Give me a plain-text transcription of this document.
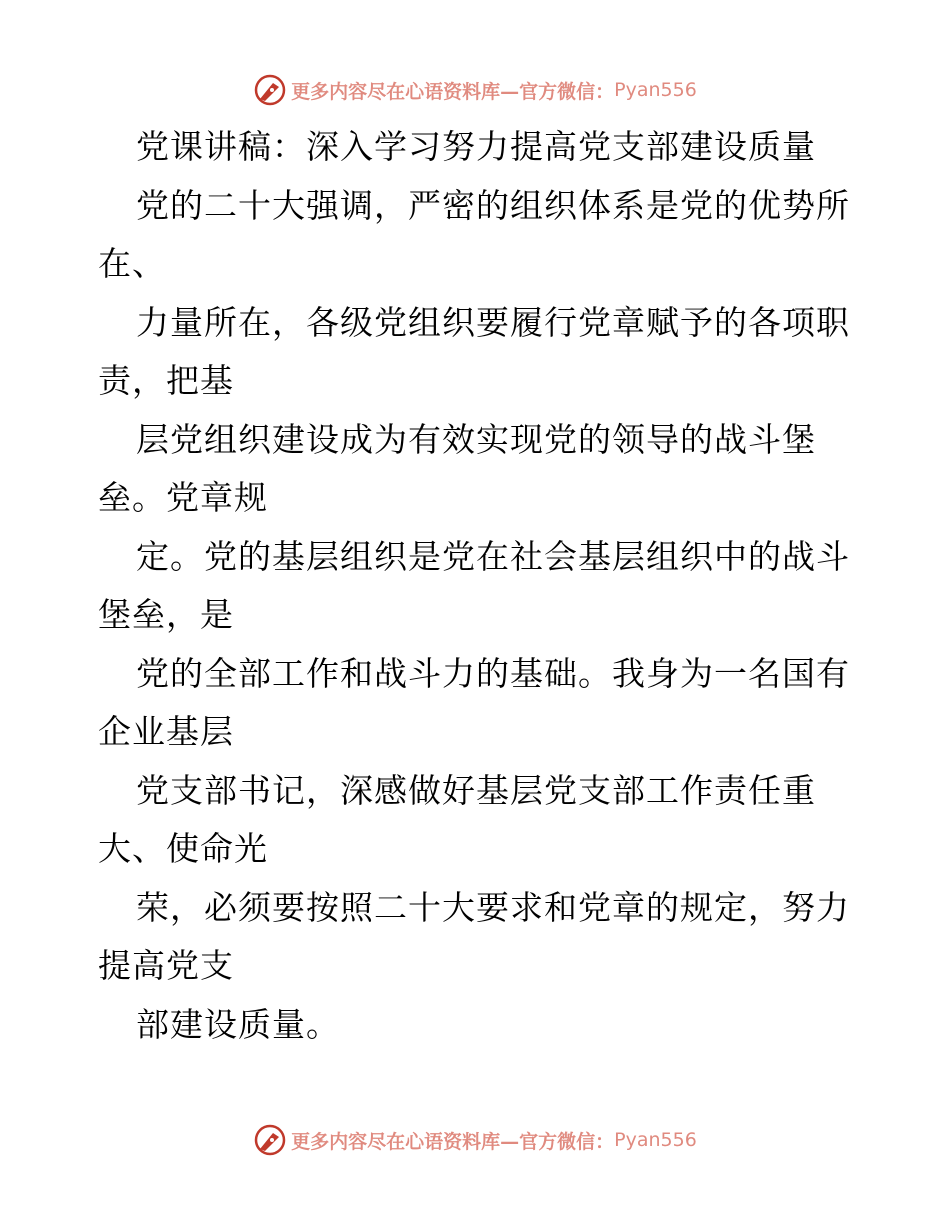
更多内容尽在心语资料库—官方微信： Pyan556
党课讲稿：深入学习努力提高党支部建设质量
党的二十大强调，严密的组织体系是党的优势所
在、
力量所在，各级党组织要履行党章赋予的各项职
责，把基
层党组织建设成为有效实现党的领导的战斗堡
垒。党章规
定。党的基层组织是党在社会基层组织中的战斗
堡垒，是
党的全部工作和战斗力的基础。我身为一名国有
企业基层
党支部书记，深感做好基层党支部工作责任重
大、使命光
荣，必须要按照二十大要求和党章的规定，努力
提高党支
部建设质量。
更多内容尽在心语资料库—官方微信： Pyan556
